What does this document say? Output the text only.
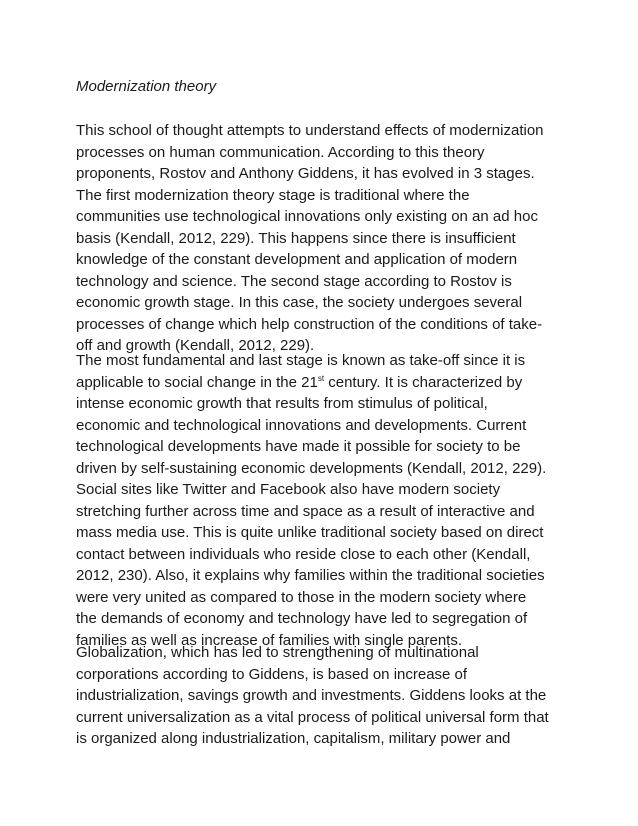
Modernization theory

This school of thought attempts to understand effects of modernization
processes on human communication. According to this theory
proponents, Rostov and Anthony Giddens, it has evolved in 3 stages.
The first modernization theory stage is traditional where the
communities use technological innovations only existing on an ad hoc
basis (Kendall, 2012, 229). This happens since there is insufficient
knowledge of the constant development and application of modern
technology and science. The second stage according to Rostov is
economic growth stage. In this case, the society undergoes several
processes of change which help construction of the conditions of take-
off and growth (Kendall, 2012, 229).

The most fundamental and last stage is known as take-off since it is
applicable to social change in the 21st century. It is characterized by
intense economic growth that results from stimulus of political,
economic and technological innovations and developments. Current
technological developments have made it possible for society to be
driven by self-sustaining economic developments (Kendall, 2012, 229).
Social sites like Twitter and Facebook also have modern society
stretching further across time and space as a result of interactive and
mass media use. This is quite unlike traditional society based on direct
contact between individuals who reside close to each other (Kendall,
2012, 230). Also, it explains why families within the traditional societies
were very united as compared to those in the modern society where
the demands of economy and technology have led to segregation of
families as well as increase of families with single parents.

Globalization, which has led to strengthening of multinational
corporations according to Giddens, is based on increase of
industrialization, savings growth and investments. Giddens looks at the
current universalization as a vital process of political universal form that
is organized along industrialization, capitalism, military power and
